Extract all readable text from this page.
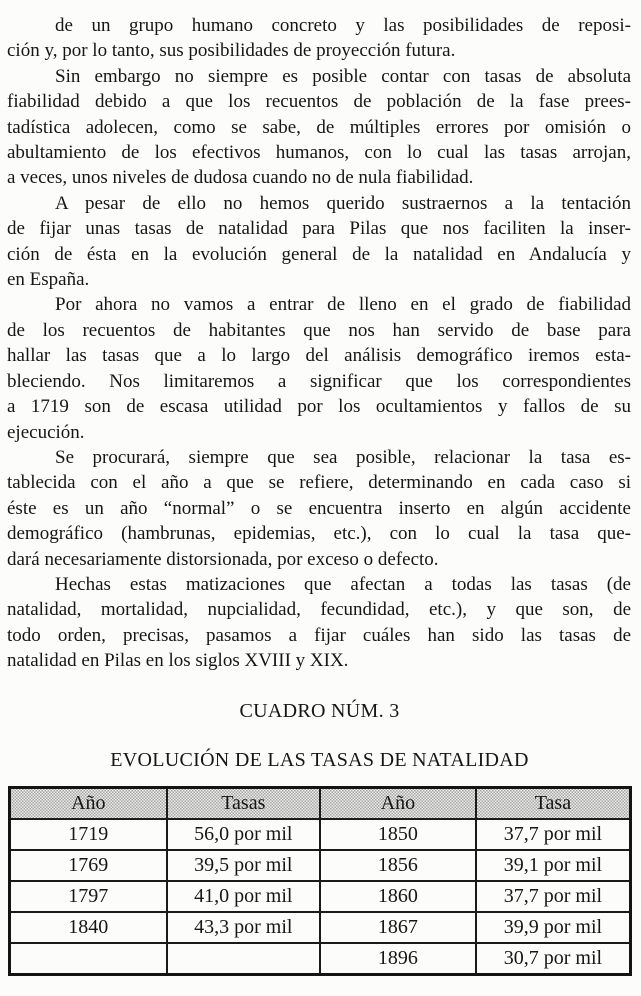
de un grupo humano concreto y las posibilidades de reposi-
ción y, por lo tanto, sus posibilidades de proyección futura.
Sin embargo no siempre es posible contar con tasas de absoluta
fiabilidad debido a que los recuentos de población de la fase prees-
tadística adolecen, como se sabe, de múltiples errores por omisión o
abultamiento de los efectivos humanos, con lo cual las tasas arrojan,
a veces, unos niveles de dudosa cuando no de nula fiabilidad.
A pesar de ello no hemos querido sustraernos a la tentación
de fijar unas tasas de natalidad para Pilas que nos faciliten la inser-
ción de ésta en la evolución general de la natalidad en Andalucía y
en España.
Por ahora no vamos a entrar de lleno en el grado de fiabilidad
de los recuentos de habitantes que nos han servido de base para
hallar las tasas que a lo largo del análisis demográfico iremos esta-
bleciendo. Nos limitaremos a significar que los correspondientes
a 1719 son de escasa utilidad por los ocultamientos y fallos de su
ejecución.
Se procurará, siempre que sea posible, relacionar la tasa es-
tablecida con el año a que se refiere, determinando en cada caso si
éste es un año “normal” o se encuentra inserto en algún accidente
demográfico (hambrunas, epidemias, etc.), con lo cual la tasa que-
dará necesariamente distorsionada, por exceso o defecto.
Hechas estas matizaciones que afectan a todas las tasas (de
natalidad, mortalidad, nupcialidad, fecundidad, etc.), y que son, de
todo orden, precisas, pasamos a fijar cuáles han sido las tasas de
natalidad en Pilas en los siglos XVIII y XIX.
CUADRO NÚM. 3
EVOLUCIÓN DE LAS TASAS DE NATALIDAD
Año	Tasas	Año	Tasa
1719	56,0 por mil	1850	37,7 por mil
1769	39,5 por mil	1856	39,1 por mil
1797	41,0 por mil	1860	37,7 por mil
1840	43,3 por mil	1867	39,9 por mil
		1896	30,7 por mil
